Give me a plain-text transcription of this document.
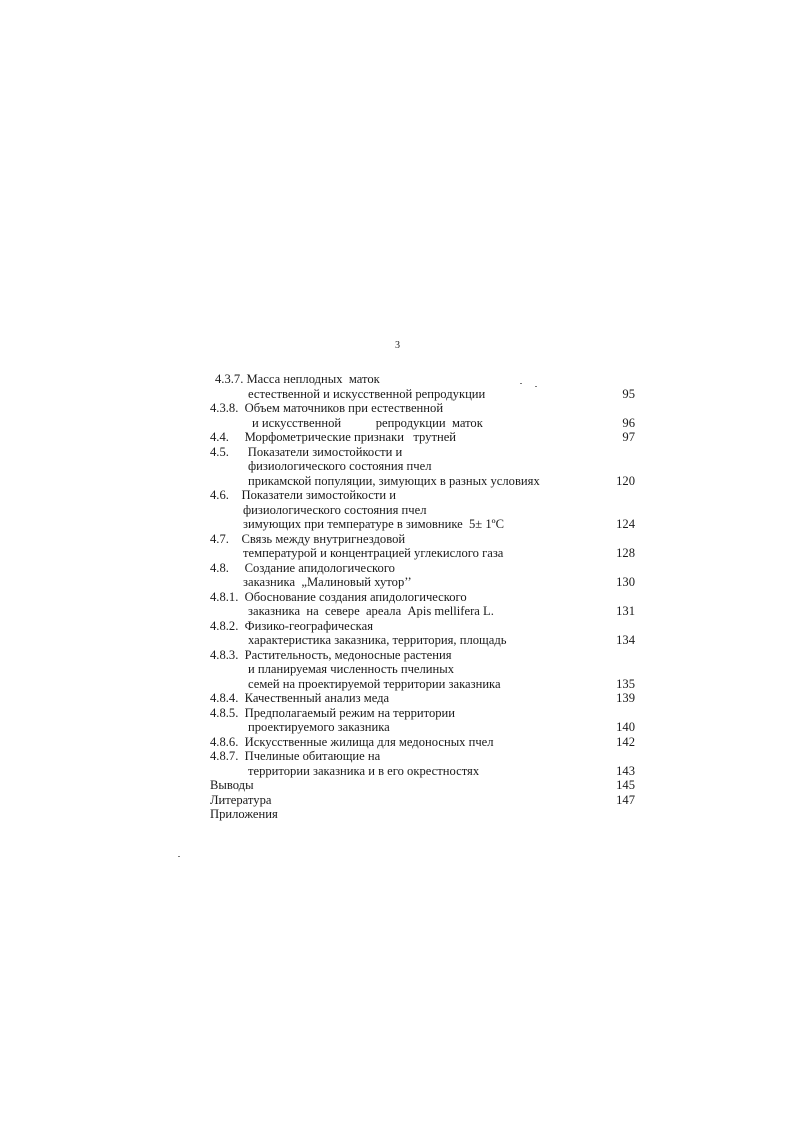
3
4.3.7. Масса неплодных  маток
естественной и искусственной репродукции	95
4.3.8.  Объем маточников при естественной
и искусственной           репродукции  маток	96
4.4.     Морфометрические признаки   трутней	97
4.5.      Показатели зимостойкости и
физиологического состояния пчел
прикамской популяции, зимующих в разных условиях	120
4.6.    Показатели зимостойкости и
физиологического состояния пчел
зимующих при температуре в зимовнике  5± 1ºС	124
4.7.    Связь между внутригнездовой
температурой и концентрацией углекислого газа	128
4.8.     Создание апидологического
заказника  „Малиновый хутор’’	130
4.8.1.  Обоснование создания апидологического
заказника  на  севере  ареала  Apis mellifera L.	131
4.8.2.  Физико-географическая
характеристика заказника, территория, площадь	134
4.8.3.  Растительность, медоносные растения
и планируемая численность пчелиных
семей на проектируемой территории заказника	135
4.8.4.  Качественный анализ меда	139
4.8.5.  Предполагаемый режим на территории
проектируемого заказника	140
4.8.6.  Искусственные жилища для медоносных пчел	142
4.8.7.  Пчелиные обитающие на
территории заказника и в его окрестностях	143
Выводы	145
Литература	147
Приложения
